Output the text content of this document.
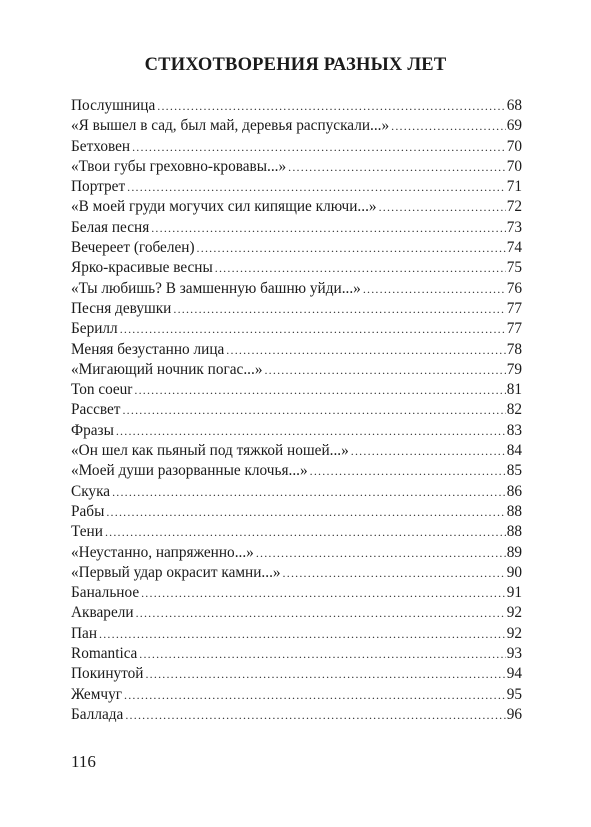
СТИХОТВОРЕНИЯ РАЗНЫХ ЛЕТ
Послушница .....	68
«Я вышел в сад, был май, деревья распускали...» .....	69
Бетховен .....	70
«Твои губы греховно-кровавы...» .....	70
Портрет .....	71
«В моей груди могучих сил кипящие ключи...» .....	72
Белая песня .....	73
Вечереет (гобелен) .....	74
Ярко-красивые весны .....	75
«Ты любишь? В замшенную башню уйди...» .....	76
Песня девушки .....	77
Берилл .....	77
Меняя безустанно лица .....	78
«Мигающий ночник погас...» .....	79
Ton coeur .....	81
Рассвет .....	82
Фразы .....	83
«Он шел как пьяный под тяжкой ношей...» .....	84
«Моей души разорванные клочья...» .....	85
Скука .....	86
Рабы .....	88
Тени .....	88
«Неустанно, напряженно...» .....	89
«Первый удар окрасит камни...» .....	90
Банальное .....	91
Акварели .....	92
Пан .....	92
Romantica .....	93
Покинутой .....	94
Жемчуг .....	95
Баллада .....	96

116
